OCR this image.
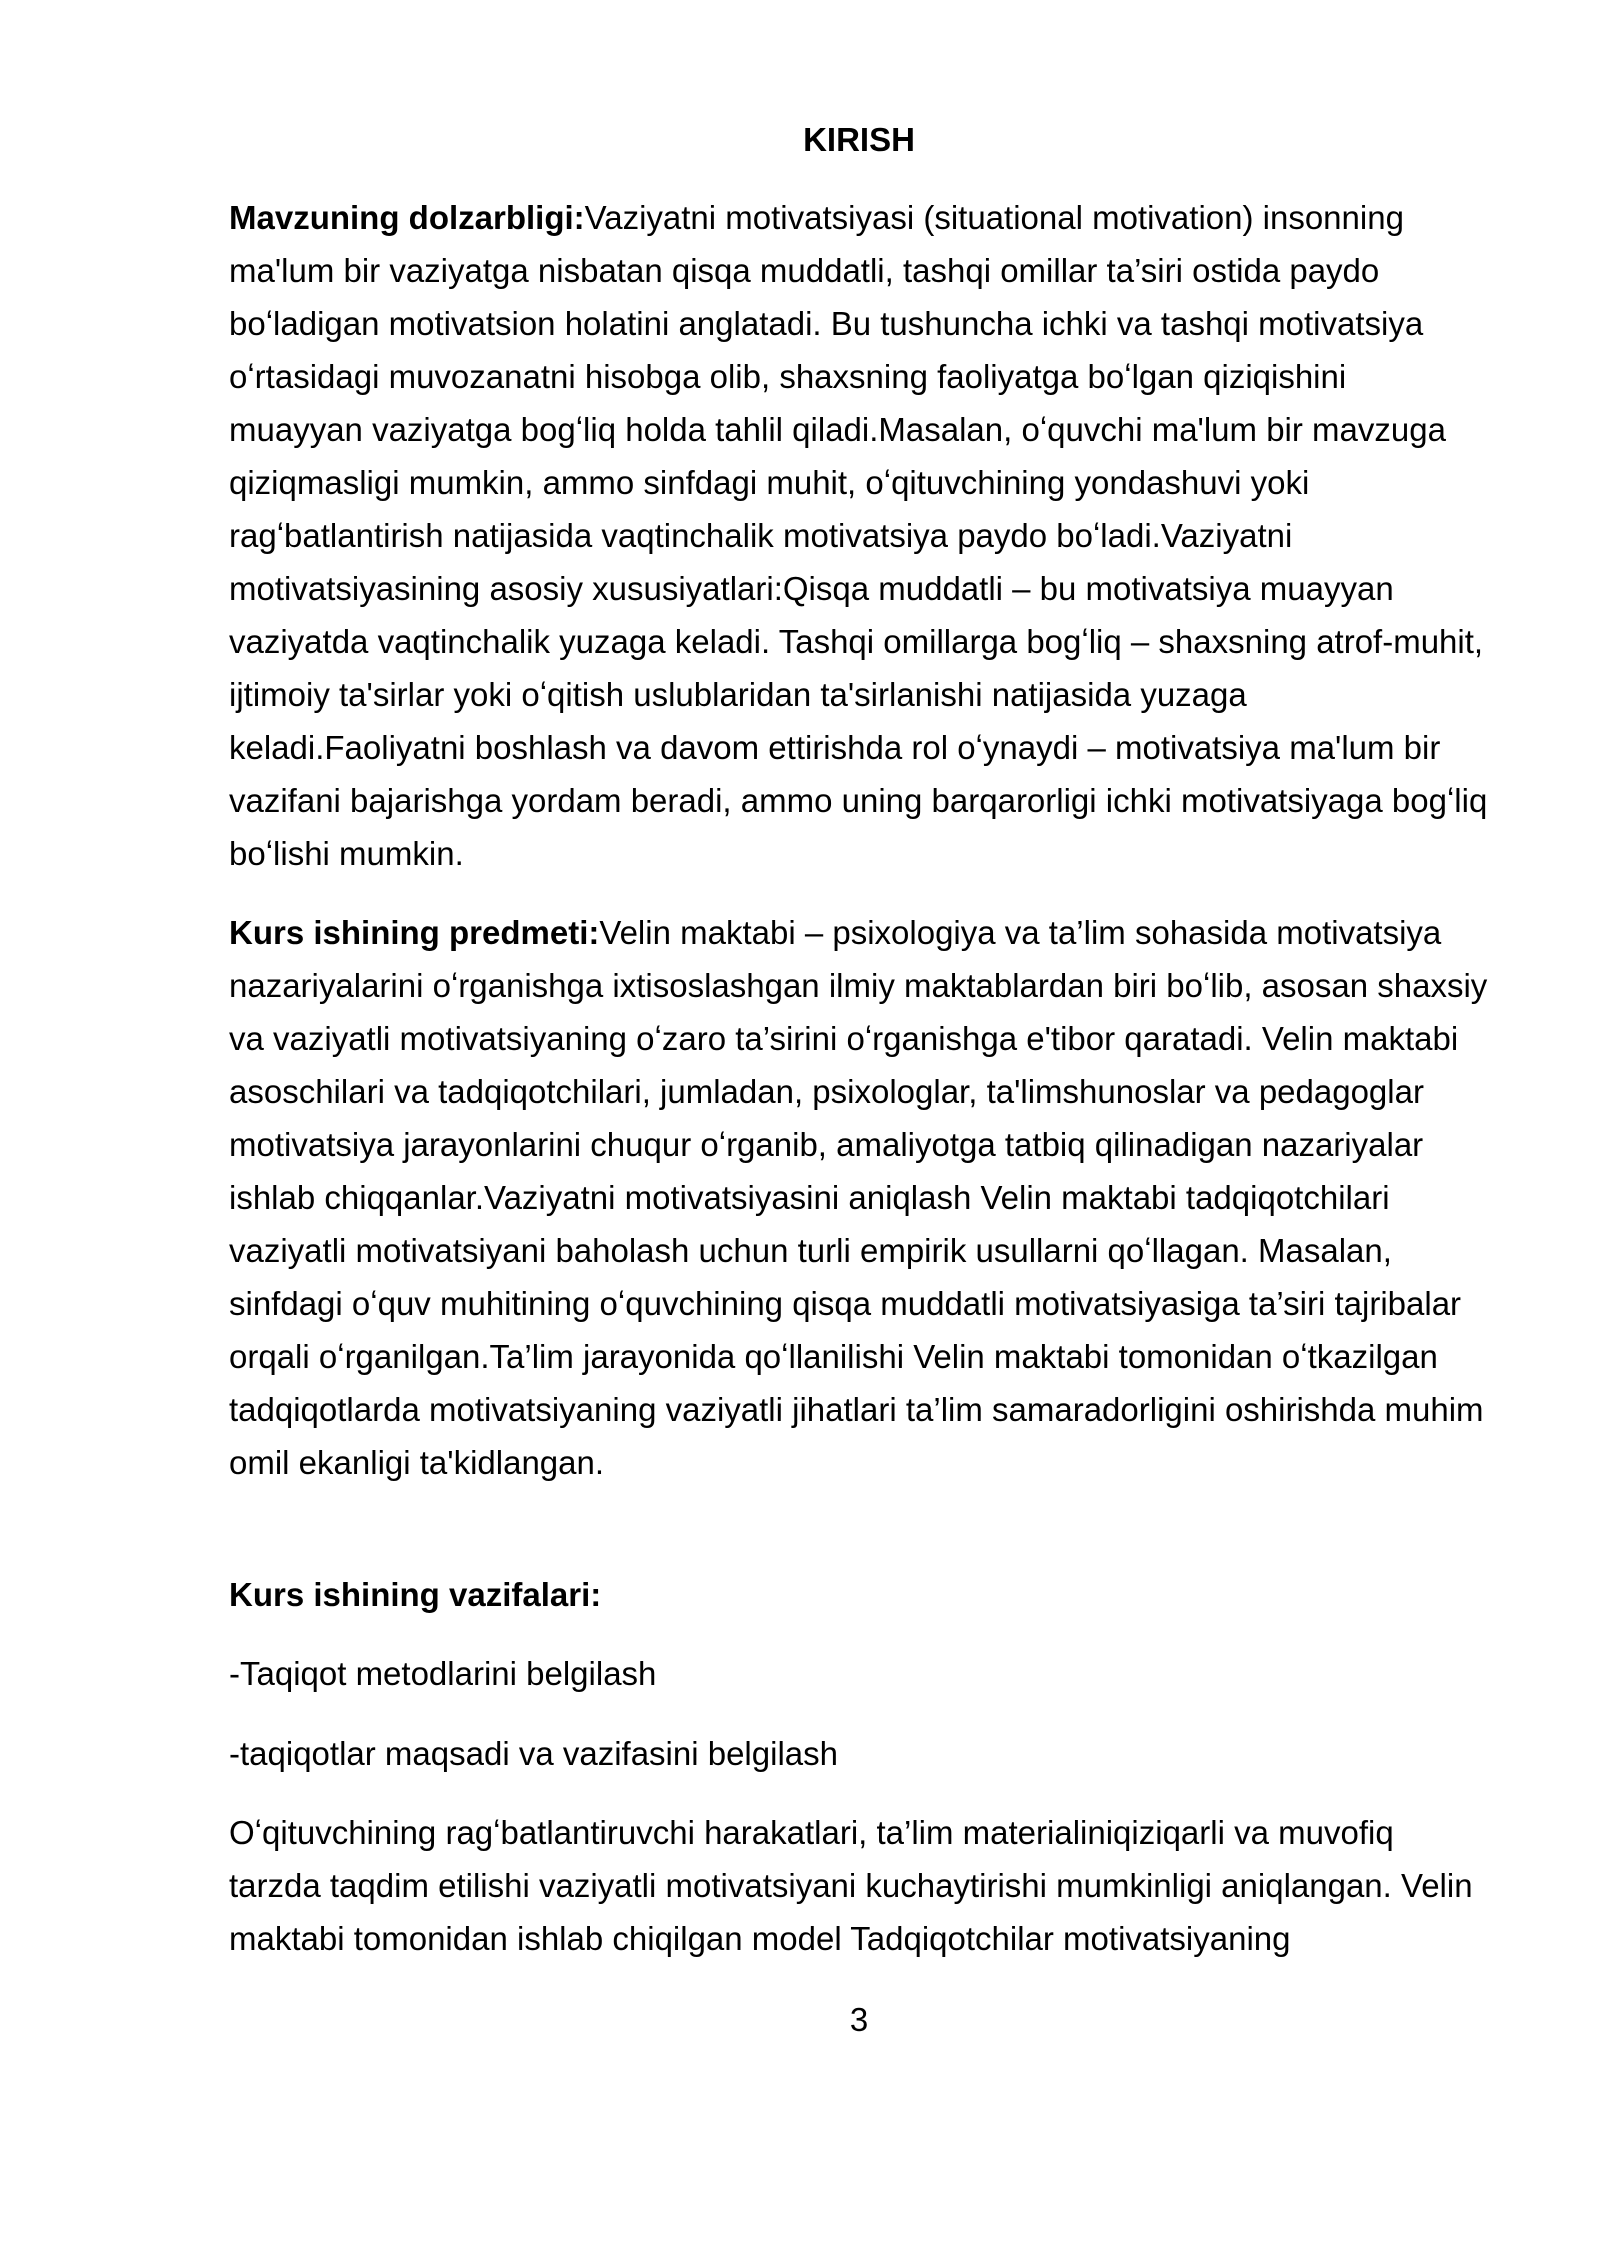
KIRISH

Mavzuning dolzarbligi:Vaziyatni motivatsiyasi (situational motivation) insonning ma'lum bir vaziyatga nisbatan qisqa muddatli, tashqi omillar ta’siri ostida paydo boʻladigan motivatsion holatini anglatadi. Bu tushuncha ichki va tashqi motivatsiya oʻrtasidagi muvozanatni hisobga olib, shaxsning faoliyatga boʻlgan qiziqishini muayyan vaziyatga bogʻliq holda tahlil qiladi.Masalan, oʻquvchi ma'lum bir mavzuga qiziqmasligi mumkin, ammo sinfdagi muhit, oʻqituvchining yondashuvi yoki ragʻbatlantirish natijasida vaqtinchalik motivatsiya paydo boʻladi.Vaziyatni motivatsiyasining asosiy xususiyatlari:Qisqa muddatli – bu motivatsiya muayyan vaziyatda vaqtinchalik yuzaga keladi. Tashqi omillarga bogʻliq – shaxsning atrof-muhit, ijtimoiy ta'sirlar yoki oʻqitish uslublaridan ta'sirlanishi natijasida yuzaga keladi.Faoliyatni boshlash va davom ettirishda rol oʻynaydi – motivatsiya ma'lum bir vazifani bajarishga yordam beradi, ammo uning barqarorligi ichki motivatsiyaga bogʻliq boʻlishi mumkin.

Kurs ishining predmeti:Velin maktabi – psixologiya va ta’lim sohasida motivatsiya nazariyalarini oʻrganishga ixtisoslashgan ilmiy maktablardan biri boʻlib, asosan shaxsiy va vaziyatli motivatsiyaning oʻzaro ta’sirini oʻrganishga e'tibor qaratadi. Velin maktabi asoschilari va tadqiqotchilari, jumladan, psixologlar, ta'limshunoslar va pedagoglar motivatsiya jarayonlarini chuqur oʻrganib, amaliyotga tatbiq qilinadigan nazariyalar ishlab chiqqanlar.Vaziyatni motivatsiyasini aniqlash Velin maktabi tadqiqotchilari vaziyatli motivatsiyani baholash uchun turli empirik usullarni qoʻllagan. Masalan, sinfdagi oʻquv muhitining oʻquvchining qisqa muddatli motivatsiyasiga ta’siri tajribalar orqali oʻrganilgan.Ta’lim jarayonida qoʻllanilishi Velin maktabi tomonidan oʻtkazilgan tadqiqotlarda motivatsiyaning vaziyatli jihatlari ta’lim samaradorligini oshirishda muhim omil ekanligi ta'kidlangan.

Kurs ishining vazifalari:

-Taqiqot metodlarini belgilash

-taqiqotlar maqsadi va vazifasini belgilash

Oʻqituvchining ragʻbatlantiruvchi harakatlari, ta’lim materialiniqiziqarli va muvofiq tarzda taqdim etilishi vaziyatli motivatsiyani kuchaytirishi mumkinligi aniqlangan. Velin maktabi tomonidan ishlab chiqilgan model Tadqiqotchilar motivatsiyaning

3
